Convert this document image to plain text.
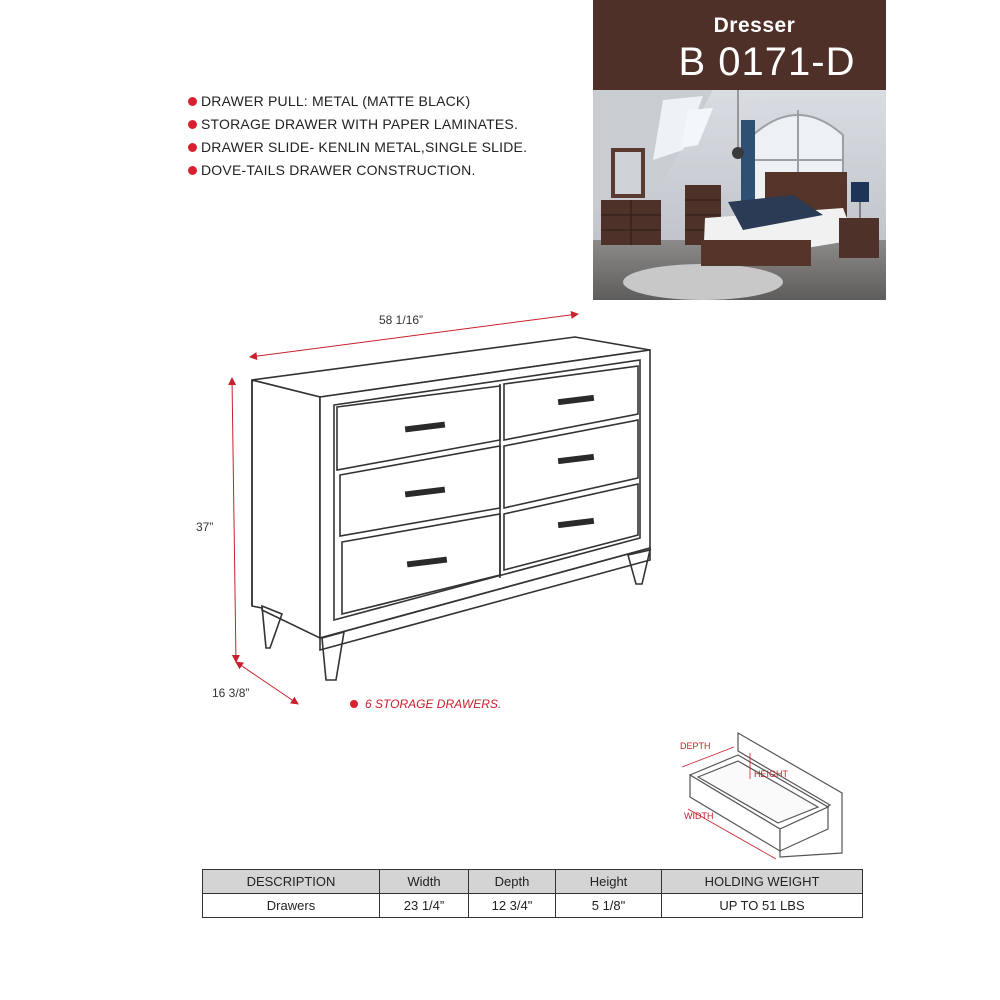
Dresser
B 0171-D
DRAWER PULL: METAL (MATTE BLACK)
STORAGE DRAWER WITH PAPER LAMINATES.
DRAWER SLIDE- KENLIN METAL,SINGLE SLIDE.
DOVE-TAILS DRAWER CONSTRUCTION.
58 1/16”
37”
16 3/8”
6 STORAGE DRAWERS.
DEPTH
HEIGHT
WIDTH
DESCRIPTION	Width	Depth	Height	HOLDING WEIGHT
Drawers	23 1/4”	12 3/4"	5 1/8"	UP TO 51 LBS
